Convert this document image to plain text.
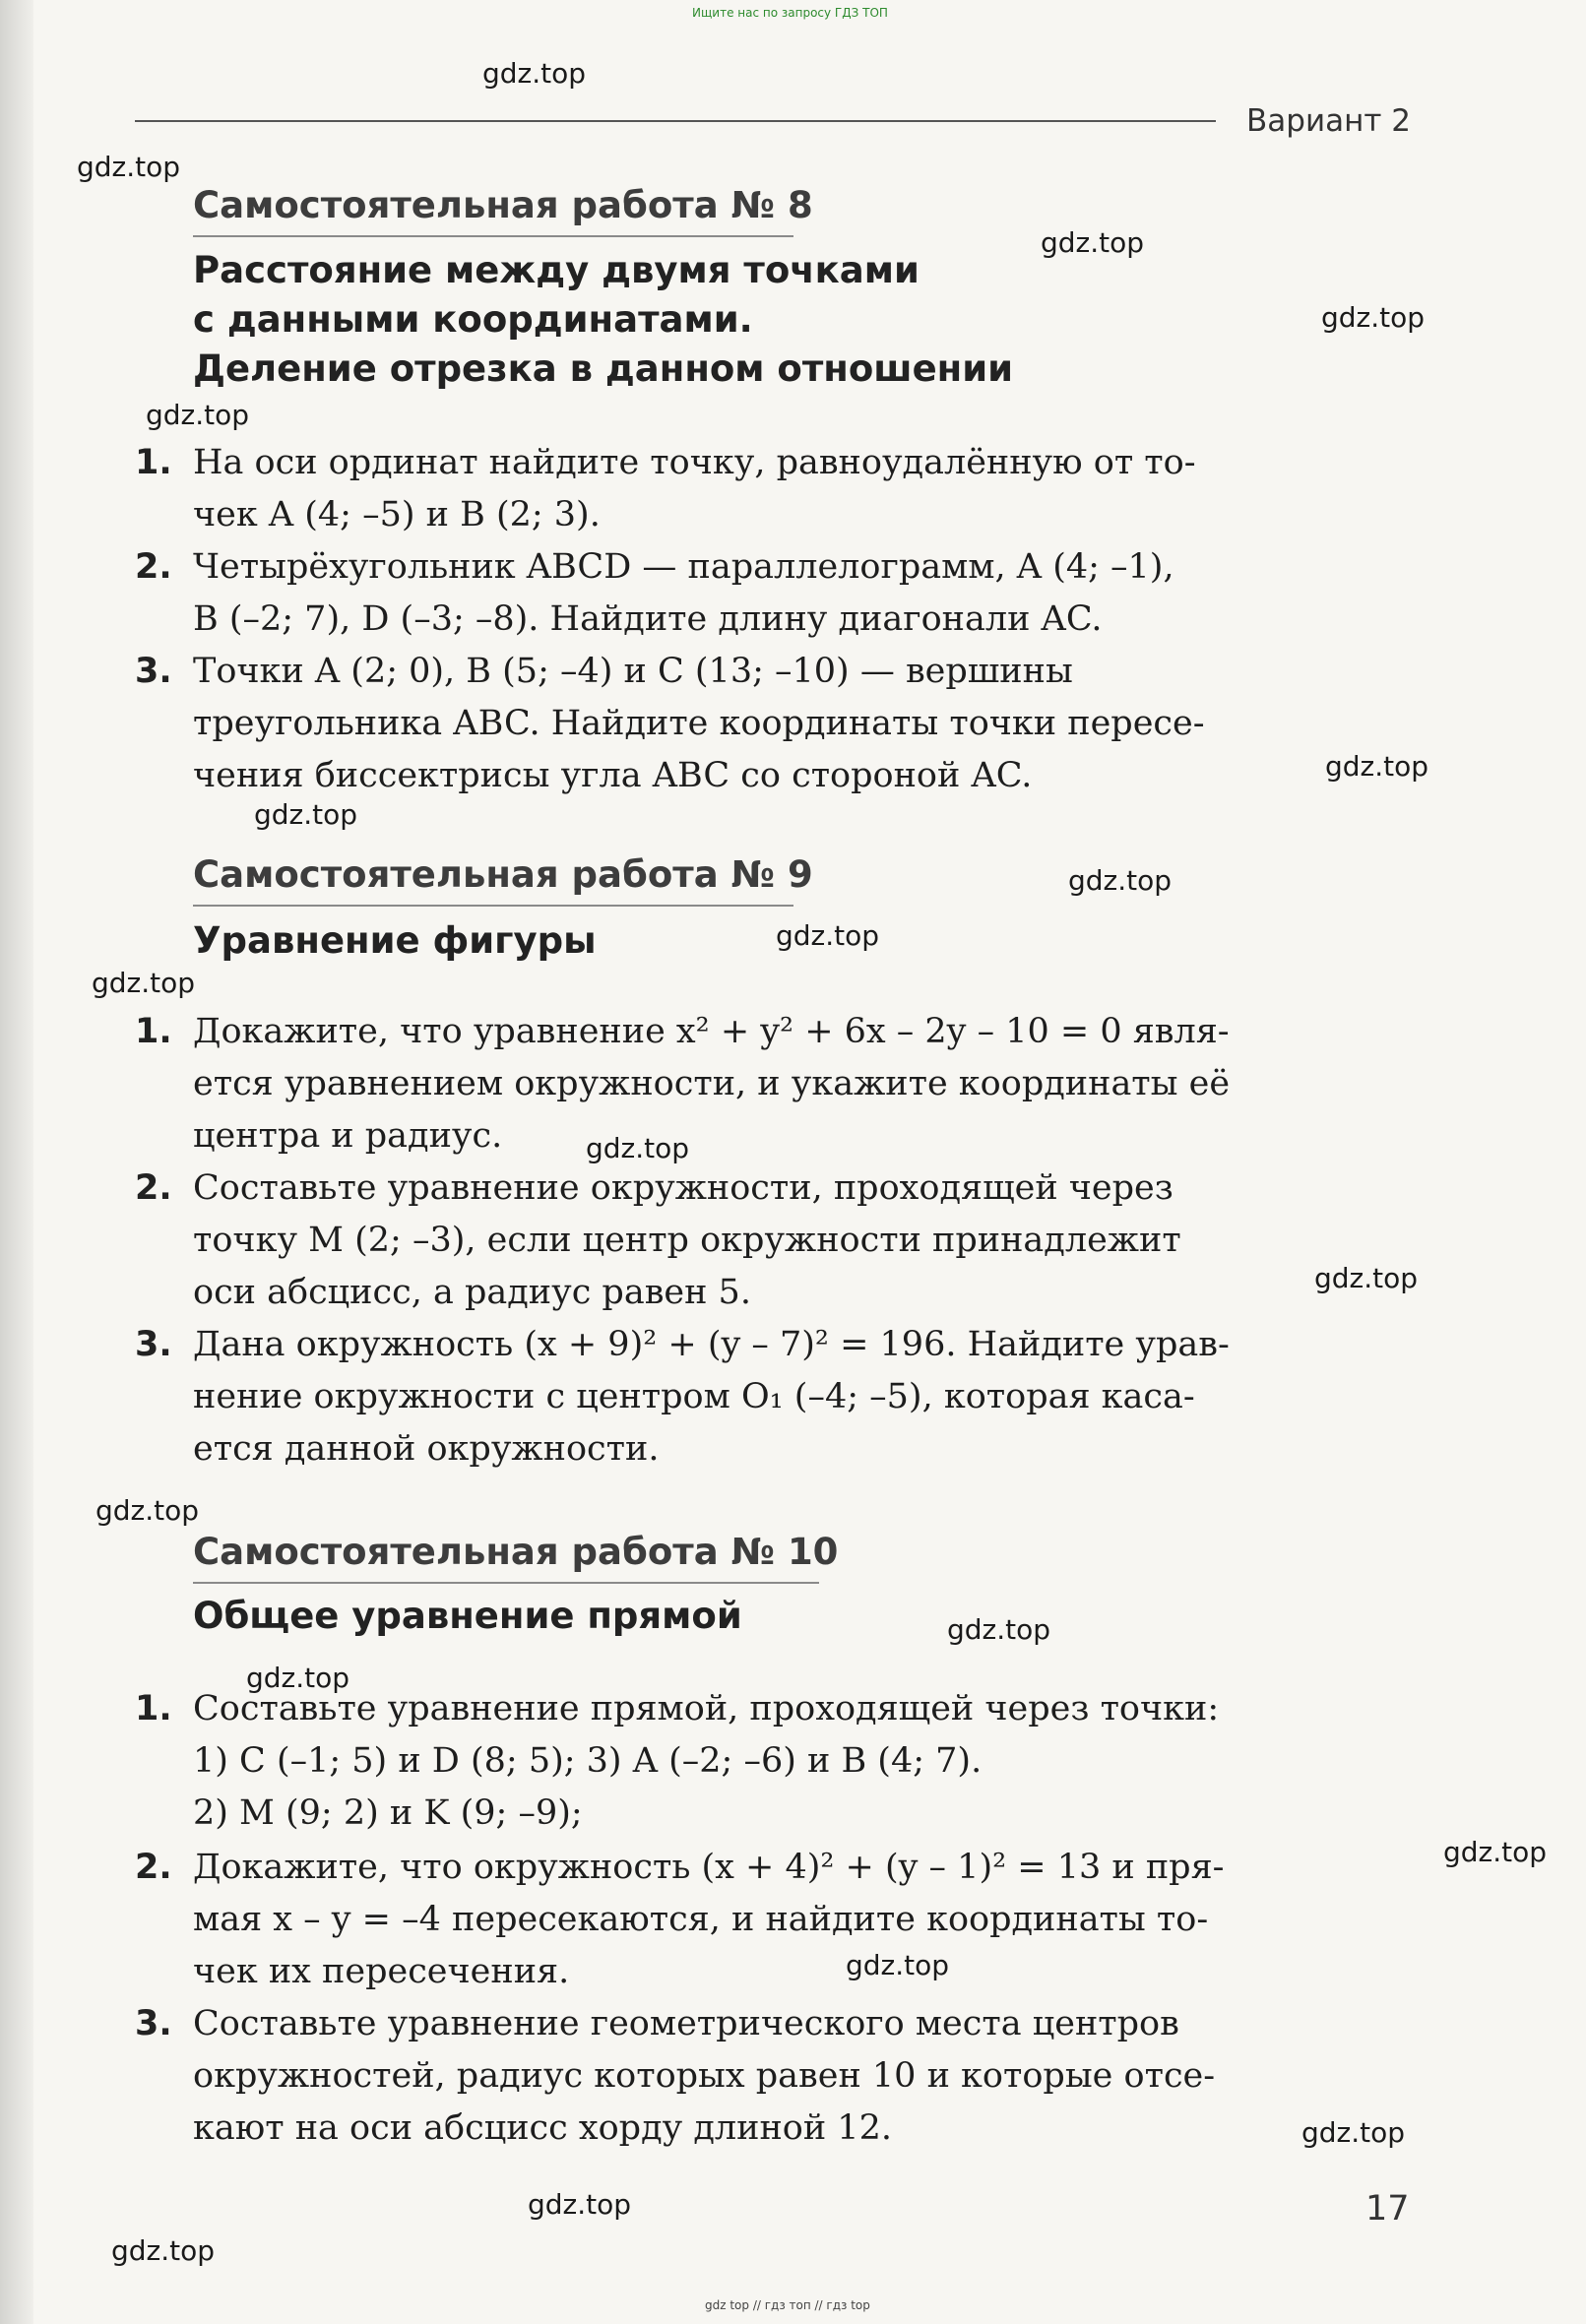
Ищите нас по запросу ГДЗ ТОП
Вариант 2
Самостоятельная работа № 8
Расстояние между двумя точками
с данными координатами.
Деление отрезка в данном отношении
1. На оси ординат найдите точку, равноудалённую от то-
чек A (4; –5) и B (2; 3).
2. Четырёхугольник ABCD — параллелограмм, A (4; –1),
B (–2; 7), D (–3; –8). Найдите длину диагонали AC.
3. Точки A (2; 0), B (5; –4) и C (13; –10) — вершины
треугольника ABC. Найдите координаты точки пересе-
чения биссектрисы угла ABC со стороной AC.
Самостоятельная работа № 9
Уравнение фигуры
1. Докажите, что уравнение x² + y² + 6x – 2y – 10 = 0 явля-
ется уравнением окружности, и укажите координаты её
центра и радиус.
2. Составьте уравнение окружности, проходящей через
точку M (2; –3), если центр окружности принадлежит
оси абсцисс, а радиус равен 5.
3. Дана окружность (x + 9)² + (y – 7)² = 196. Найдите урав-
нение окружности с центром O₁ (–4; –5), которая каса-
ется данной окружности.
Самостоятельная работа № 10
Общее уравнение прямой
1. Составьте уравнение прямой, проходящей через точки:
1) C (–1; 5) и D (8; 5); 3) A (–2; –6) и B (4; 7).
2) M (9; 2) и K (9; –9);
2. Докажите, что окружность (x + 4)² + (y – 1)² = 13 и пря-
мая x – y = –4 пересекаются, и найдите координаты то-
чек их пересечения.
3. Составьте уравнение геометрического места центров
окружностей, радиус которых равен 10 и которые отсе-
кают на оси абсцисс хорду длиной 12.
17
gdz.top
gdz.top
gdz.top
gdz.top
gdz.top
gdz.top
gdz.top
gdz.top
gdz.top
gdz.top
gdz.top
gdz.top
gdz.top
gdz.top
gdz.top
gdz.top
gdz.top
gdz.top
gdz.top
gdz.top
gdz top // гдз топ // гдз top
